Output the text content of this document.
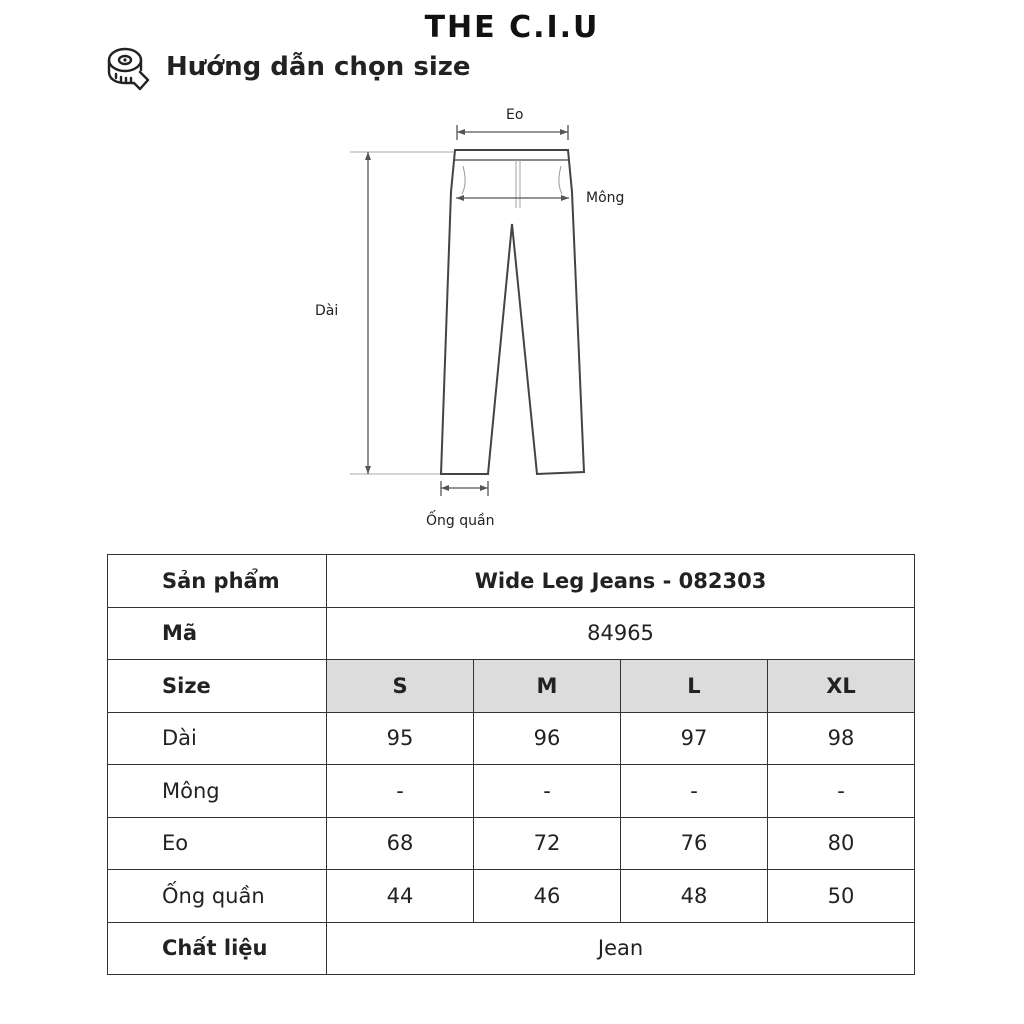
THE C.I.U
Hướng dẫn chọn size
Eo
Mông
Dài
Ống quần
Sản phẩm	Wide Leg Jeans - 082303			
Mã	84965			
Size	S	M	L	XL
Dài	95	96	97	98
Mông	-	-	-	-
Eo	68	72	76	80
Ống quần	44	46	48	50
Chất liệu	Jean			
